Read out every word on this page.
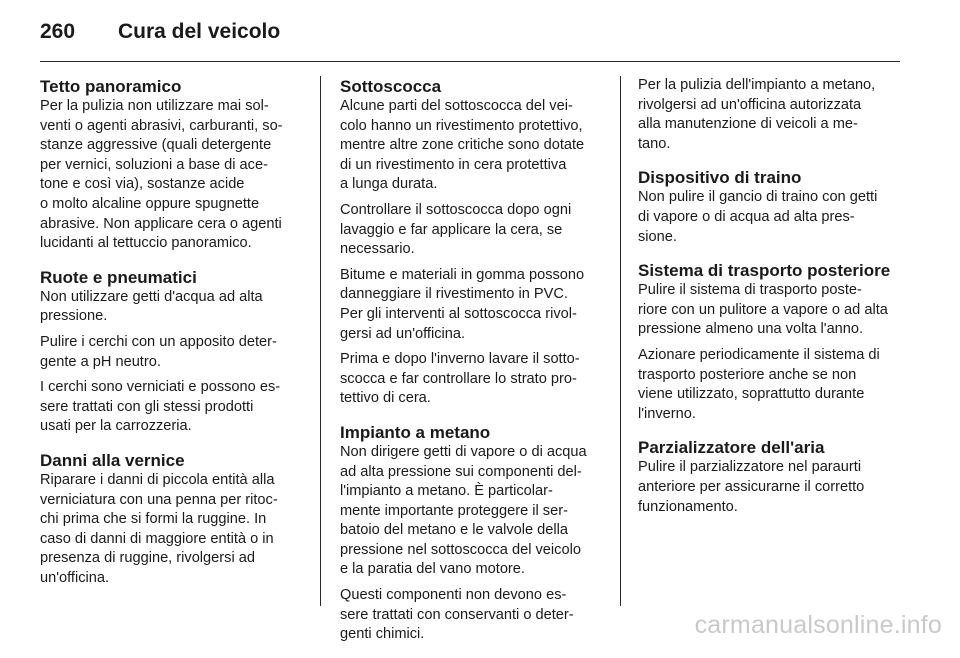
260	Cura del veicolo
Tetto panoramico
Per la pulizia non utilizzare mai sol-
venti o agenti abrasivi, carburanti, so-
stanze aggressive (quali detergente
per vernici, soluzioni a base di ace-
tone e così via), sostanze acide
o molto alcaline oppure spugnette
abrasive. Non applicare cera o agenti
lucidanti al tettuccio panoramico.
Ruote e pneumatici
Non utilizzare getti d'acqua ad alta
pressione.
Pulire i cerchi con un apposito deter-
gente a pH neutro.
I cerchi sono verniciati e possono es-
sere trattati con gli stessi prodotti
usati per la carrozzeria.
Danni alla vernice
Riparare i danni di piccola entità alla
verniciatura con una penna per ritoc-
chi prima che si formi la ruggine. In
caso di danni di maggiore entità o in
presenza di ruggine, rivolgersi ad
un'officina.
Sottoscocca
Alcune parti del sottoscocca del vei-
colo hanno un rivestimento protettivo,
mentre altre zone critiche sono dotate
di un rivestimento in cera protettiva
a lunga durata.
Controllare il sottoscocca dopo ogni
lavaggio e far applicare la cera, se
necessario.
Bitume e materiali in gomma possono
danneggiare il rivestimento in PVC.
Per gli interventi al sottoscocca rivol-
gersi ad un'officina.
Prima e dopo l'inverno lavare il sotto-
scocca e far controllare lo strato pro-
tettivo di cera.
Impianto a metano
Non dirigere getti di vapore o di acqua
ad alta pressione sui componenti del-
l'impianto a metano. È particolar-
mente importante proteggere il ser-
batoio del metano e le valvole della
pressione nel sottoscocca del veicolo
e la paratia del vano motore.
Questi componenti non devono es-
sere trattati con conservanti o deter-
genti chimici.
Per la pulizia dell'impianto a metano,
rivolgersi ad un'officina autorizzata
alla manutenzione di veicoli a me-
tano.
Dispositivo di traino
Non pulire il gancio di traino con getti
di vapore o di acqua ad alta pres-
sione.
Sistema di trasporto posteriore
Pulire il sistema di trasporto poste-
riore con un pulitore a vapore o ad alta
pressione almeno una volta l'anno.
Azionare periodicamente il sistema di
trasporto posteriore anche se non
viene utilizzato, soprattutto durante
l'inverno.
Parzializzatore dell'aria
Pulire il parzializzatore nel paraurti
anteriore per assicurarne il corretto
funzionamento.
carmanualsonline.info
